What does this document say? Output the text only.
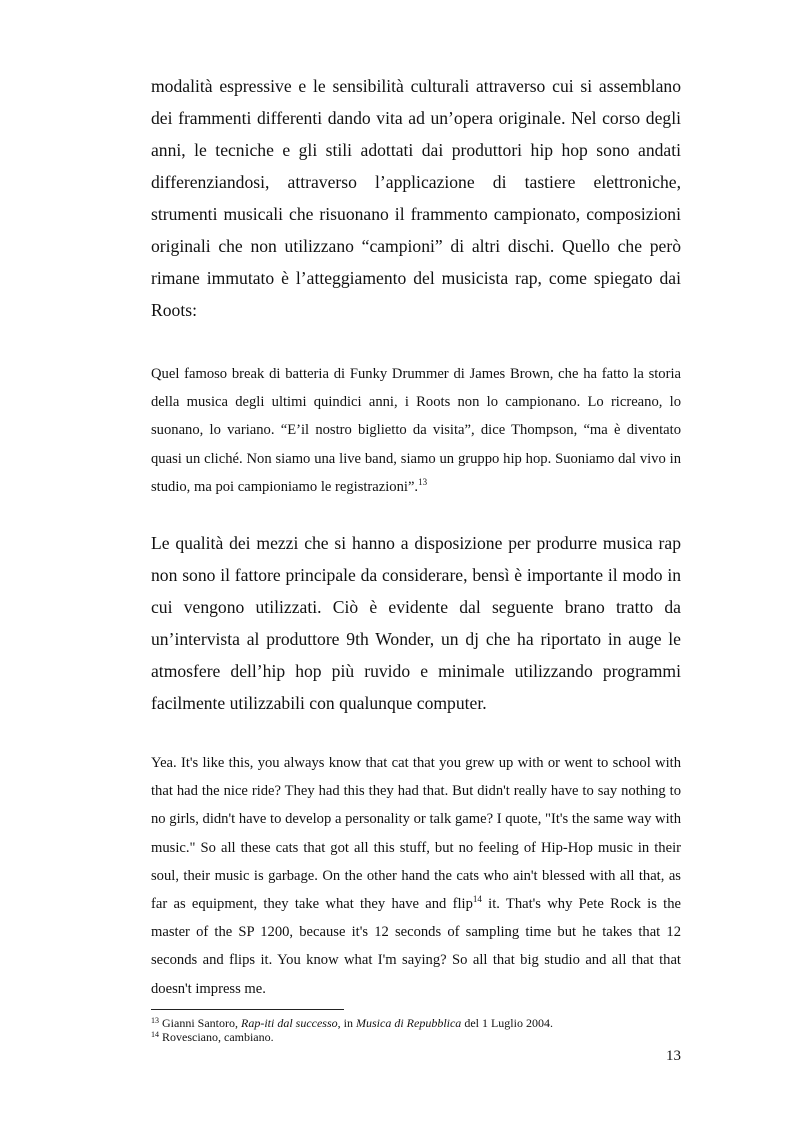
modalità espressive e le sensibilità culturali attraverso cui si assemblano dei frammenti differenti dando vita ad un’opera originale. Nel corso degli anni, le tecniche e gli stili adottati dai produttori hip hop sono andati differenziandosi, attraverso l’applicazione di tastiere elettroniche, strumenti musicali che risuonano il frammento campionato, composizioni originali che non utilizzano “campioni” di altri dischi. Quello che però rimane immutato è l’atteggiamento del musicista rap, come spiegato dai Roots:

Quel famoso break di batteria di Funky Drummer di James Brown, che ha fatto la storia della musica degli ultimi quindici anni, i Roots non lo campionano. Lo ricreano, lo suonano, lo variano. “E’il nostro biglietto da visita”, dice Thompson, “ma è diventato quasi un cliché. Non siamo una live band, siamo un gruppo hip hop. Suoniamo dal vivo in studio, ma poi campioniamo le registrazioni”.$^{13}$

Le qualità dei mezzi che si hanno a disposizione per produrre musica rap non sono il fattore principale da considerare, bensì è importante il modo in cui vengono utilizzati. Ciò è evidente dal seguente brano tratto da un’intervista al produttore 9th Wonder, un dj che ha riportato in auge le atmosfere dell’hip hop più ruvido e minimale utilizzando programmi facilmente utilizzabili con qualunque computer.

Yea. It's like this, you always know that cat that you grew up with or went to school with that had the nice ride? They had this they had that. But didn't really have to say nothing to no girls, didn't have to develop a personality or talk game? I quote, "It's the same way with music." So all these cats that got all this stuff, but no feeling of Hip-Hop music in their soul, their music is garbage. On the other hand the cats who ain't blessed with all that, as far as equipment, they take what they have and flip$^{14}$ it. That's why Pete Rock is the master of the SP 1200, because it's 12 seconds of sampling time but he takes that 12 seconds and flips it. You know what I'm saying? So all that big studio and all that that doesn't impress me.

$^{13}$ Gianni Santoro, Rap-iti dal successo, in Musica di Repubblica del 1 Luglio 2004.
$^{14}$ Rovesciano, cambiano.
13
